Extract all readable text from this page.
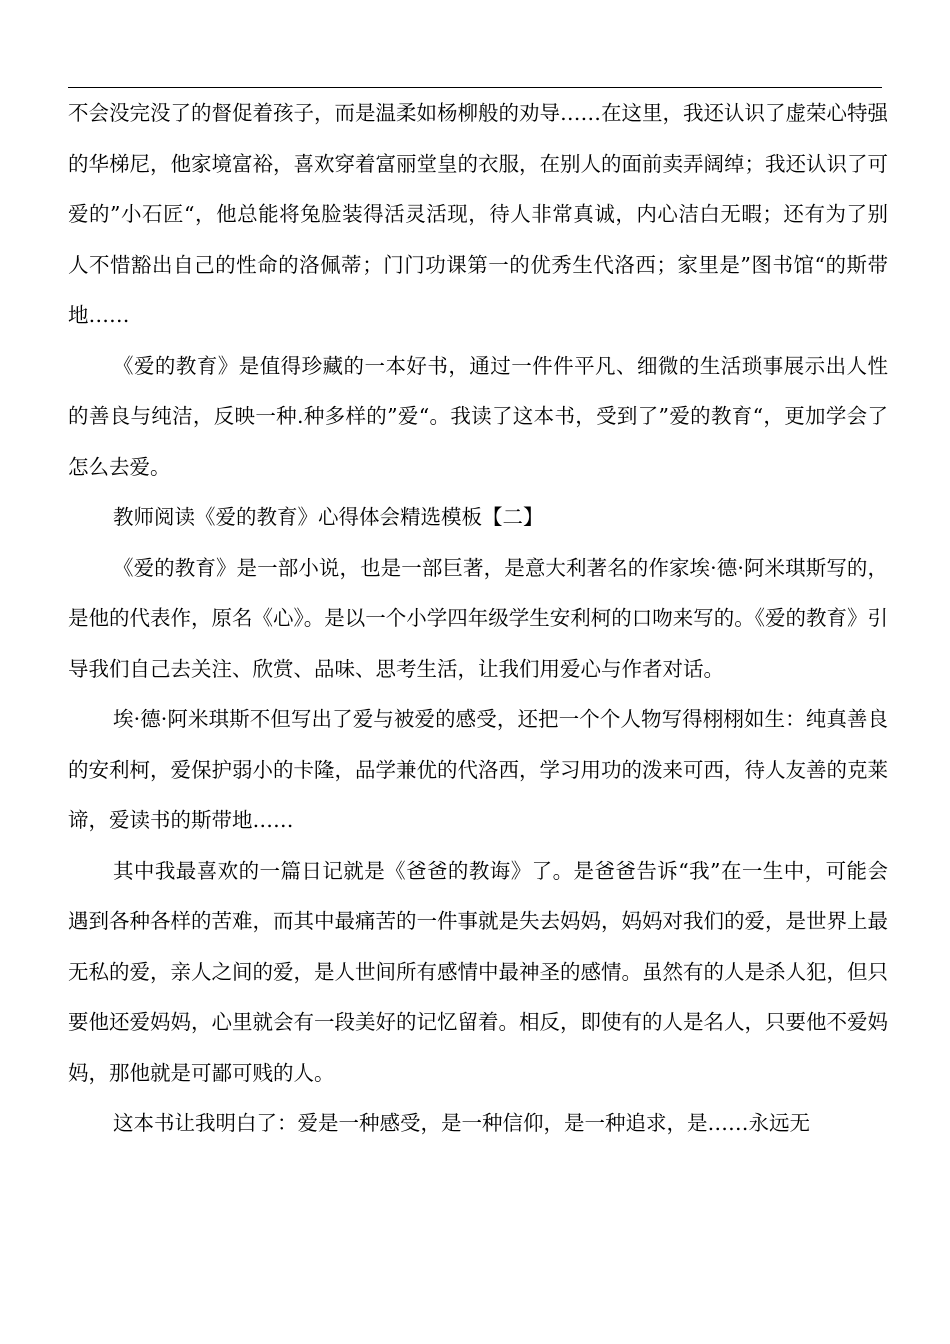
不会没完没了的督促着孩子，而是温柔如杨柳般的劝导……在这里，我还认识了虚荣心特强的华梯尼，他家境富裕，喜欢穿着富丽堂皇的衣服，在别人的面前卖弄阔绰；我还认识了可爱的”小石匠“，他总能将兔脸装得活灵活现，待人非常真诚，内心洁白无暇；还有为了别人不惜豁出自己的性命的洛佩蒂；门门功课第一的优秀生代洛西；家里是”图书馆“的斯带地……

《爱的教育》是值得珍藏的一本好书，通过一件件平凡、细微的生活琐事展示出人性的善良与纯洁，反映一种.种多样的”爱“。我读了这本书，受到了”爱的教育“，更加学会了怎么去爱。

教师阅读《爱的教育》心得体会精选模板【二】

《爱的教育》是一部小说，也是一部巨著，是意大利著名的作家埃·德·阿米琪斯写的，是他的代表作，原名《心》。是以一个小学四年级学生安利柯的口吻来写的。《爱的教育》引导我们自己去关注、欣赏、品味、思考生活，让我们用爱心与作者对话。

埃·德·阿米琪斯不但写出了爱与被爱的感受，还把一个个人物写得栩栩如生：纯真善良的安利柯，爱保护弱小的卡隆，品学兼优的代洛西，学习用功的泼来可西，待人友善的克莱谛，爱读书的斯带地……

其中我最喜欢的一篇日记就是《爸爸的教诲》了。是爸爸告诉“我”在一生中，可能会遇到各种各样的苦难，而其中最痛苦的一件事就是失去妈妈，妈妈对我们的爱，是世界上最无私的爱，亲人之间的爱，是人世间所有感情中最神圣的感情。虽然有的人是杀人犯，但只要他还爱妈妈，心里就会有一段美好的记忆留着。相反，即使有的人是名人，只要他不爱妈妈，那他就是可鄙可贱的人。

这本书让我明白了：爱是一种感受，是一种信仰，是一种追求，是……永远无
